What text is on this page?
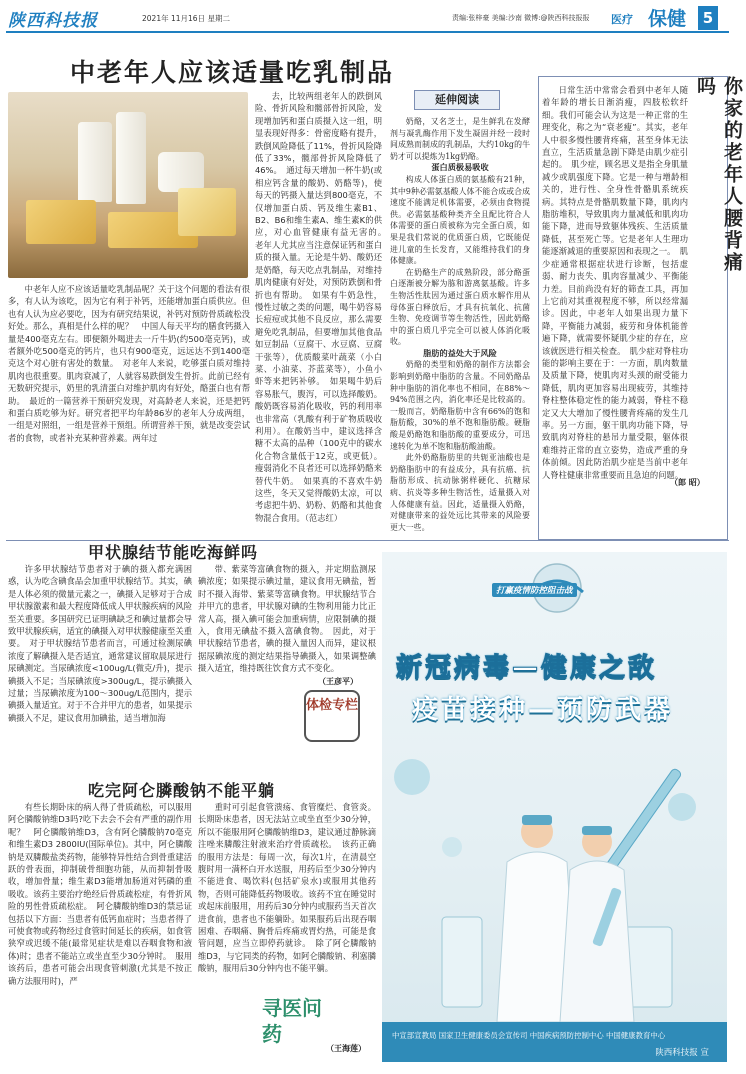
陕西科技报	2021年 11月16日 星期二	责编:张梓豪 美编:沙南 微博:@陕西科技报报 医疗 保健	5
中老年人应该适量吃乳制品

中老年人应不应该适量吃乳制品呢？关于这个问题的看法有很多，有人认为该吃，因为它有利于补钙，还能增加蛋白质供应。但也有人认为应必要吃，因为有研究结果说，补钙对预防骨质疏松没好处。那么，真相是什么样的呢？　中国人每天平均的膳食钙摄入量是400毫克左右。即便额外喝进去一斤牛奶(约500毫克钙)，或者额外吃500毫克的钙片，也只有900毫克，远远达不到1400毫克这个对心脏有害处的数量。　对老年人来说，吃够蛋白质对维持肌肉也很重要。肌肉衰减了，人就容易跌倒发生骨折。此前已经有无数研究提示，奶里的乳清蛋白对维护肌肉有好处，酪蛋白也有帮助。　最近的一篇营养干预研究发现，对高龄老人来说，还是把钙和蛋白质吃够为好。研究者把平均年龄86岁的老年人分成两组，一组是对照组，一组是营养干预组。所谓营养干预，就是改变尝试者的食物，或者补充某种营养素。两年过

去，比较两组老年人的跌倒风险、骨折风险和髋部骨折风险，发现增加钙和蛋白质摄入这一组，明显表现好得多：骨密度略有提升，跌倒风险降低了11%，骨折风险降低了33%，髋部骨折风险降低了46%。　通过每天增加一杯牛奶(或相应钙含量的酸奶、奶酪等)，使每天的钙摄入量达到800毫克，不仅增加蛋白质、钙及维生素B1、B2、B6和维生素A、维生素K的供应，对心血管健康有益无害的。　老年人尤其应当注意保证钙和蛋白质的摄入量。无论是牛奶、酸奶还是奶酪，每天吃点乳制品，对维持肌肉健康有好处，对预防跌倒和骨折也有帮助。　如果有牛奶急性，慢性过敏之类的问题，喝牛奶容易长痘痘或其他不良反应，那么需要避免吃乳制品，但要增加其他食品如豆制品（豆腐干、水豆腐、豆腐干张等），优质酸菜叶蔬菜（小白菜、小油菜、芥蓝菜等），小鱼小虾等来把钙补够。　如果喝牛奶后容易胀气，腹泻，可以选择酸奶。酸奶既容易消化吸收，钙的利用率也非常高（乳酸有利于矿物质吸收利用）。在酸奶当中，建议选择含糖不太高的品种（100克中的碳水化合物含量低于12克，或更低）。瘦弱消化不良者还可以选择奶酪来替代牛奶。　如果真的不喜欢牛奶这些，冬天又觉得酸奶太凉，可以考虑把牛奶、奶粉、奶酪和其他食物混合食用。（范志红）

延伸阅读

奶酪，又名芝士，是生鲜乳在发酵剂与凝乳酶作用下发生凝固并经一段时间成熟而制成的乳制品，大约10kg的牛奶才可以提炼为1kg奶酪。

蛋白质极易吸收

构成人体蛋白质的氨基酸有21种，其中9种必需氨基酸人体不能合成或合成速度不能满足机体需要，必须由食物提供。必需氨基酸种类齐全且配比符合人体需要的蛋白质被称为完全蛋白质，如果是我们常说的优质蛋白质，它既能促进儿童的生长发育，又能维持我们的身体健康。

在奶酪生产的成熟阶段，部分酪蛋白逐渐被分解为胨和游离氨基酸。许多生物活性肽因为通过蛋白质水解作用从母体蛋白释放后，才具有抗氧化、抗菌生物、免疫调节等生物活性，因此奶酪中的蛋白质几乎完全可以被人体消化吸收。

脂肪的益处大于风险

奶酪的类型和奶酪的制作方法都会影响到奶酪中脂肪的含量。不同奶酪品种中脂肪的消化率也不相同，在88%～94%范围之内，消化率还是比较高的。一般而言，奶酪脂肪中含有66%的饱和脂肪酸，30%的单不饱和脂肪酸。硬脂酸是奶酪饱和脂肪酸的重要成分，可迅速转化为单不饱和脂肪酸油酸。

此外奶酪脂肪里的共轭亚油酸也是奶酪脂肪中的有益成分，具有抗癌、抗脂肪形成、抗动脉粥样硬化、抗糖尿病、抗炎等多种生物活性，适量摄入对人体健康有益。因此，适量摄入奶酪，对健康带来的益处远比其带来的风险要更大一些。

你家的老年人腰背痛吗

日常生活中常常会看到中老年人随着年龄的增长日渐消瘦，四肢松软纤细。我们可能会认为这是一种正常的生理变化，称之为“衰老瘦”。其实，老年人中很多慢性腰背疼痛，甚至身体无法直立，生活质量急剧下降是由肌少症引起的。　肌少症，顾名思义是指全身肌量减少或肌强度下降。它是一种与增龄相关的，进行性、全身性骨骼肌系统疾病。其特点是骨骼肌数量下降，肌肉内脂肪堆积，导致肌肉力量减低和肌肉功能下降，进而导致躯体残疾、生活质量降低，甚至死亡等。它是老年人生理功能逐渐减退的重要原因和表现之一。　肌少症通常根据症状进行诊断，包括虚弱、耐力丧失、肌肉容量减少、平衡能力差。目前尚没有好的筛查工具，再加上它前对其重视程度不够，所以经常漏诊。因此，中老年人如果出现力量下降，平衡能力减弱，疲劳和身体机能普遍下降，就需要怀疑肌少症的存在，应该就医进行相关检查。　肌少症对脊柱功能的影响主要在于：一方面，肌肉数量及质量下降，使肌肉对头颈的耐受能力降低，肌肉更加容易出现疲劳，其维持脊柱整体稳定性的能力减弱，脊柱不稳定又大大增加了慢性腰背疼痛的发生几率。另一方面，躯干肌肉功能下降，导致肌肉对脊柱的悬吊力量受限，躯体很难维持正常的直立姿势，造成严重的身体前倾。因此防治肌少症是当前中老年人脊柱健康非常重要而且急迫的问题。

（郎 昭）
甲状腺结节能吃海鲜吗

许多甲状腺结节患者对于碘的摄入都充满困惑，认为吃含碘食品会加重甲状腺结节。其实，碘是人体必须的微量元素之一，碘摄入足够对于合成甲状腺激素和最大程度降低成人甲状腺疾病的风险至关重要。多国研究已证明碘缺乏和碘过量都会导致甲状腺疾病，适宜的碘摄入对甲状腺健康至关重要。　对于甲状腺结节患者而言，可通过检测尿碘浓度了解碘摄入是否适宜，通常建议留取晨尿进行尿碘测定。当尿碘浓度<100ug/L(微克/升)，提示碘摄入不足；当尿碘浓度>300ug/L，提示碘摄入过量；当尿碘浓度为100～300ug/L范围内，提示碘摄入量适宜。对于不合并甲亢的患者，如果提示碘摄入不足，建议食用加碘盐，适当增加海

带、紫菜等富碘食物的摄入，并定期监测尿碘浓度；如果提示碘过量，建议食用无碘盐，暂时不摄入海带、紫菜等富碘食物。甲状腺结节合并甲亢的患者，甲状腺对碘的生物利用能力比正常人高，摄入碘可能会加重病情，应限制碘的摄入，食用无碘盐不摄入富碘食物。　因此，对于甲状腺结节患者，碘的摄入量因人而异，建议根据尿碘浓度的测定结果指导碘摄入，如果调整碘摄入适宜，维持既往饮食方式不变化。

（王彦平）
体检专栏
吃完阿仑膦酸钠不能平躺

有些长期卧床的病人得了骨质疏松，可以服用阿仑膦酸钠维D3吗?吃下去会不会有严重的副作用呢？　阿仑膦酸钠维D3，含有阿仑膦酸钠70毫克和维生素D3 2800IU(国际单位)。其中，阿仑膦酸钠是双膦酸盐类药物，能够特异性结合到骨重建活跃的骨表面，抑制破骨细胞功能，从而抑制骨吸收，增加骨量；维生素D3能增加肠道对钙磷的重吸收。该药主要治疗绝经后骨质疏松症，有骨折风险的男性骨质疏松症。　阿仑膦酸钠维D3的禁忌证包括以下方面：当患者有低钙血症时；当患者得了可使食物或药物经过食管时间延长的疾病，如食管狭窄或迟缓不能(最常见症状是难以吞咽食物和液体)时；患者不能站立或坐直至少30分钟时。　服用该药后，患者可能会出现食管刺激(尤其是不按正确方法服用时)，严

重时可引起食管溃疡、食管糜烂、食管炎。长期卧床患者，因无法站立或坐直至少30分钟，所以不能服用阿仑膦酸钠维D3，建议通过静脉滴注唑来膦酸注射液来治疗骨质疏松。　该药正确的服用方法是：每周一次，每次1片，在清晨空腹时用一满杯白开水送服，用药后至少30分钟内不能进食、喝饮料(包括矿泉水)或服用其他药物，否则可能降低药物吸收。该药不宜在睡觉时或起床前服用，用药后30分钟内或服药当天首次进食前，患者也不能躺卧。如果服药后出现吞咽困难、吞咽痛、胸骨后疼痛或胃灼热，可能是食管问题，应当立即停药就诊。　除了阿仑膦酸钠维D3，与它同类的药物，如阿仑膦酸钠、利塞膦酸钠，服用后30分钟内也不能平躺。

寻医问药
（王海莲）
打赢疫情防控阻击战
新冠病毒—健康之敌
疫苗接种—预防武器
中宣部宣教局 国家卫生健康委员会宣传司 中国疾病预防控制中心 中国健康教育中心
陕西科技报 宣
